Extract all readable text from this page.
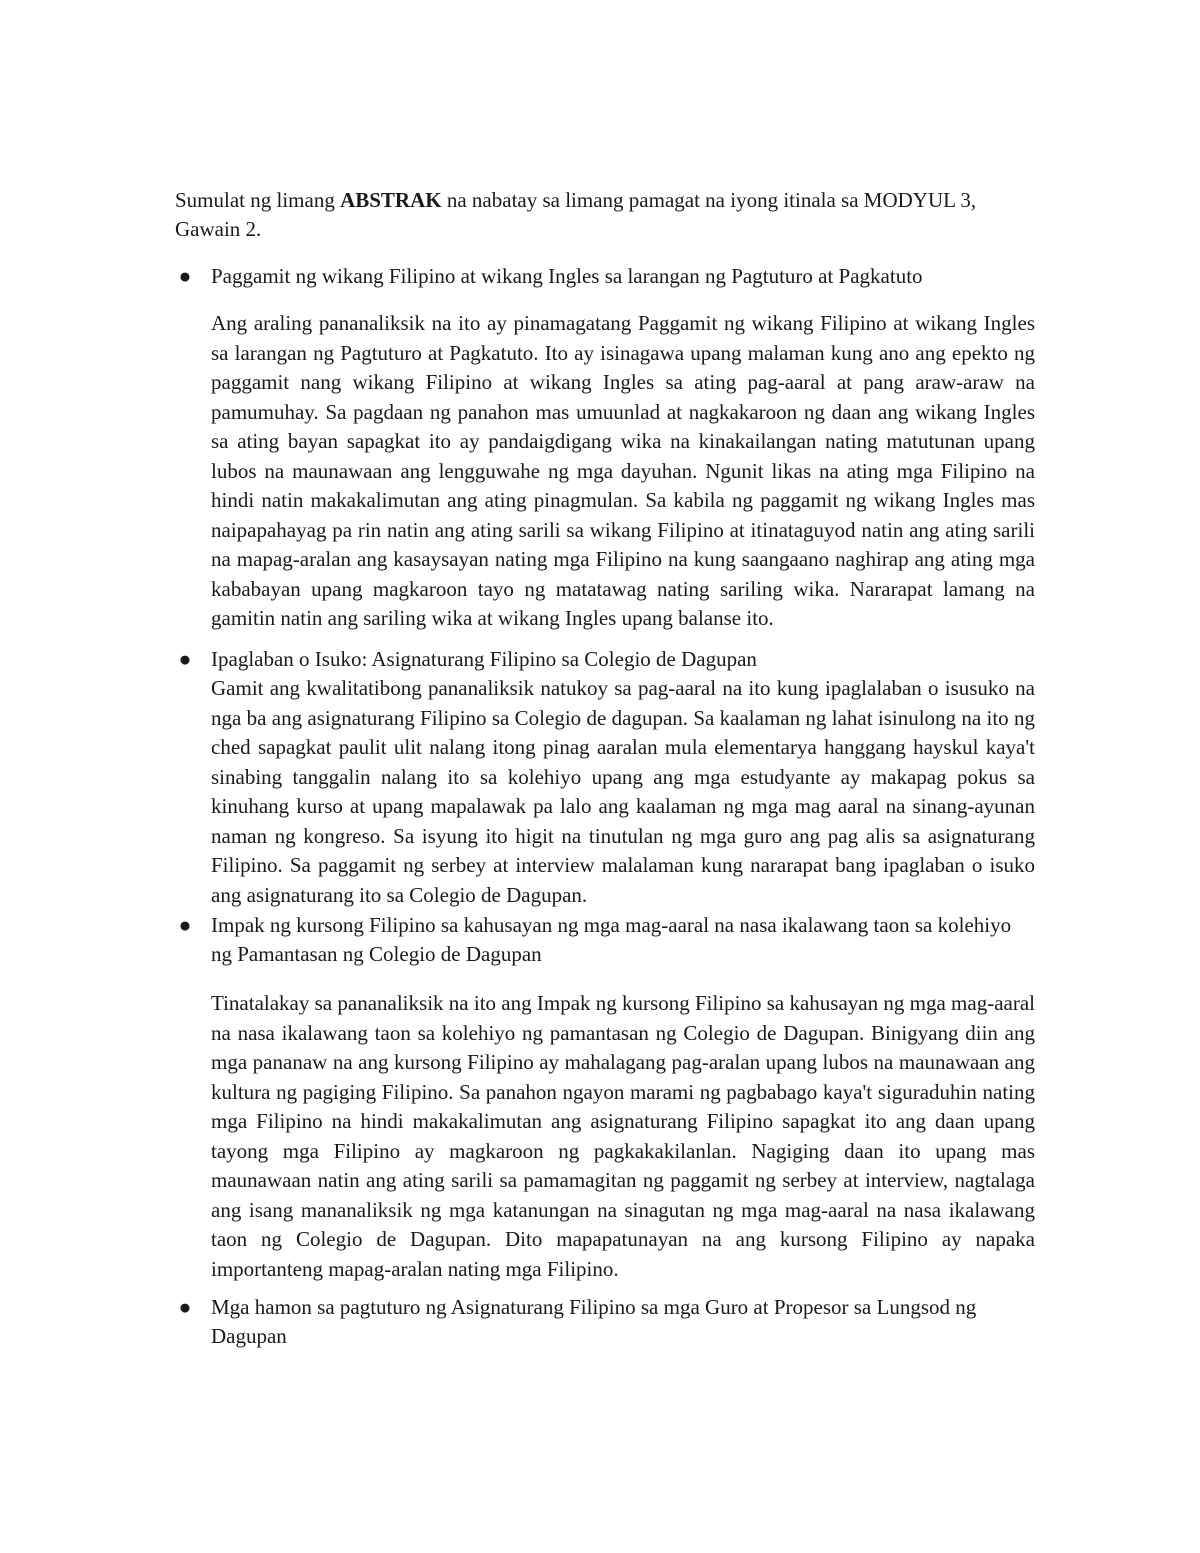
Sumulat ng limang ABSTRAK na nabatay sa limang pamagat na iyong itinala sa MODYUL 3, Gawain 2.

● Paggamit ng wikang Filipino at wikang Ingles sa larangan ng Pagtuturo at Pagkatuto

Ang araling pananaliksik na ito ay pinamagatang Paggamit ng wikang Filipino at wikang Ingles sa larangan ng Pagtuturo at Pagkatuto. Ito ay isinagawa upang malaman kung ano ang epekto ng paggamit nang wikang Filipino at wikang Ingles sa ating pag-aaral at pang araw-araw na pamumuhay. Sa pagdaan ng panahon mas umuunlad at nagkakaroon ng daan ang wikang Ingles sa ating bayan sapagkat ito ay pandaigdigang wika na kinakailangan nating matutunan upang lubos na maunawaan ang lengguwahe ng mga dayuhan. Ngunit likas na ating mga Filipino na hindi natin makakalimutan ang ating pinagmulan. Sa kabila ng paggamit ng wikang Ingles mas naipapahayag pa rin natin ang ating sarili sa wikang Filipino at itinataguyod natin ang ating sarili na mapag-aralan ang kasaysayan nating mga Filipino na kung saangaano naghirap ang ating mga kababayan upang magkaroon tayo ng matatawag nating sariling wika. Nararapat lamang na gamitin natin ang sariling wika at wikang Ingles upang balanse ito.

● Ipaglaban o Isuko: Asignaturang Filipino sa Colegio de Dagupan

Gamit ang kwalitatibong pananaliksik natukoy sa pag-aaral na ito kung ipaglalaban o isusuko na nga ba ang asignaturang Filipino sa Colegio de dagupan. Sa kaalaman ng lahat isinulong na ito ng ched sapagkat paulit ulit nalang itong pinag aaralan mula elementarya hanggang hayskul kaya't sinabing tanggalin nalang ito sa kolehiyo upang ang mga estudyante ay makapag pokus sa kinuhang kurso at upang mapalawak pa lalo ang kaalaman ng mga mag aaral na sinang-ayunan naman ng kongreso. Sa isyung ito higit na tinutulan ng mga guro ang pag alis sa asignaturang Filipino. Sa paggamit ng serbey at interview malalaman kung nararapat bang ipaglaban o isuko ang asignaturang ito sa Colegio de Dagupan.

● Impak ng kursong Filipino sa kahusayan ng mga mag-aaral na nasa ikalawang taon sa kolehiyo ng Pamantasan ng Colegio de Dagupan

Tinatalakay sa pananaliksik na ito ang Impak ng kursong Filipino sa kahusayan ng mga mag-aaral na nasa ikalawang taon sa kolehiyo ng pamantasan ng Colegio de Dagupan. Binigyang diin ang mga pananaw na ang kursong Filipino ay mahalagang pag-aralan upang lubos na maunawaan ang kultura ng pagiging Filipino. Sa panahon ngayon marami ng pagbabago kaya't siguraduhin nating mga Filipino na hindi makakalimutan ang asignaturang Filipino sapagkat ito ang daan upang tayong mga Filipino ay magkaroon ng pagkakakilanlan. Nagiging daan ito upang mas maunawaan natin ang ating sarili sa pamamagitan ng paggamit ng serbey at interview, nagtalaga ang isang mananaliksik ng mga katanungan na sinagutan ng mga mag-aaral na nasa ikalawang taon ng Colegio de Dagupan. Dito mapapatunayan na ang kursong Filipino ay napaka importanteng mapag-aralan nating mga Filipino.

● Mga hamon sa pagtuturo ng Asignaturang Filipino sa mga Guro at Propesor sa Lungsod ng Dagupan
